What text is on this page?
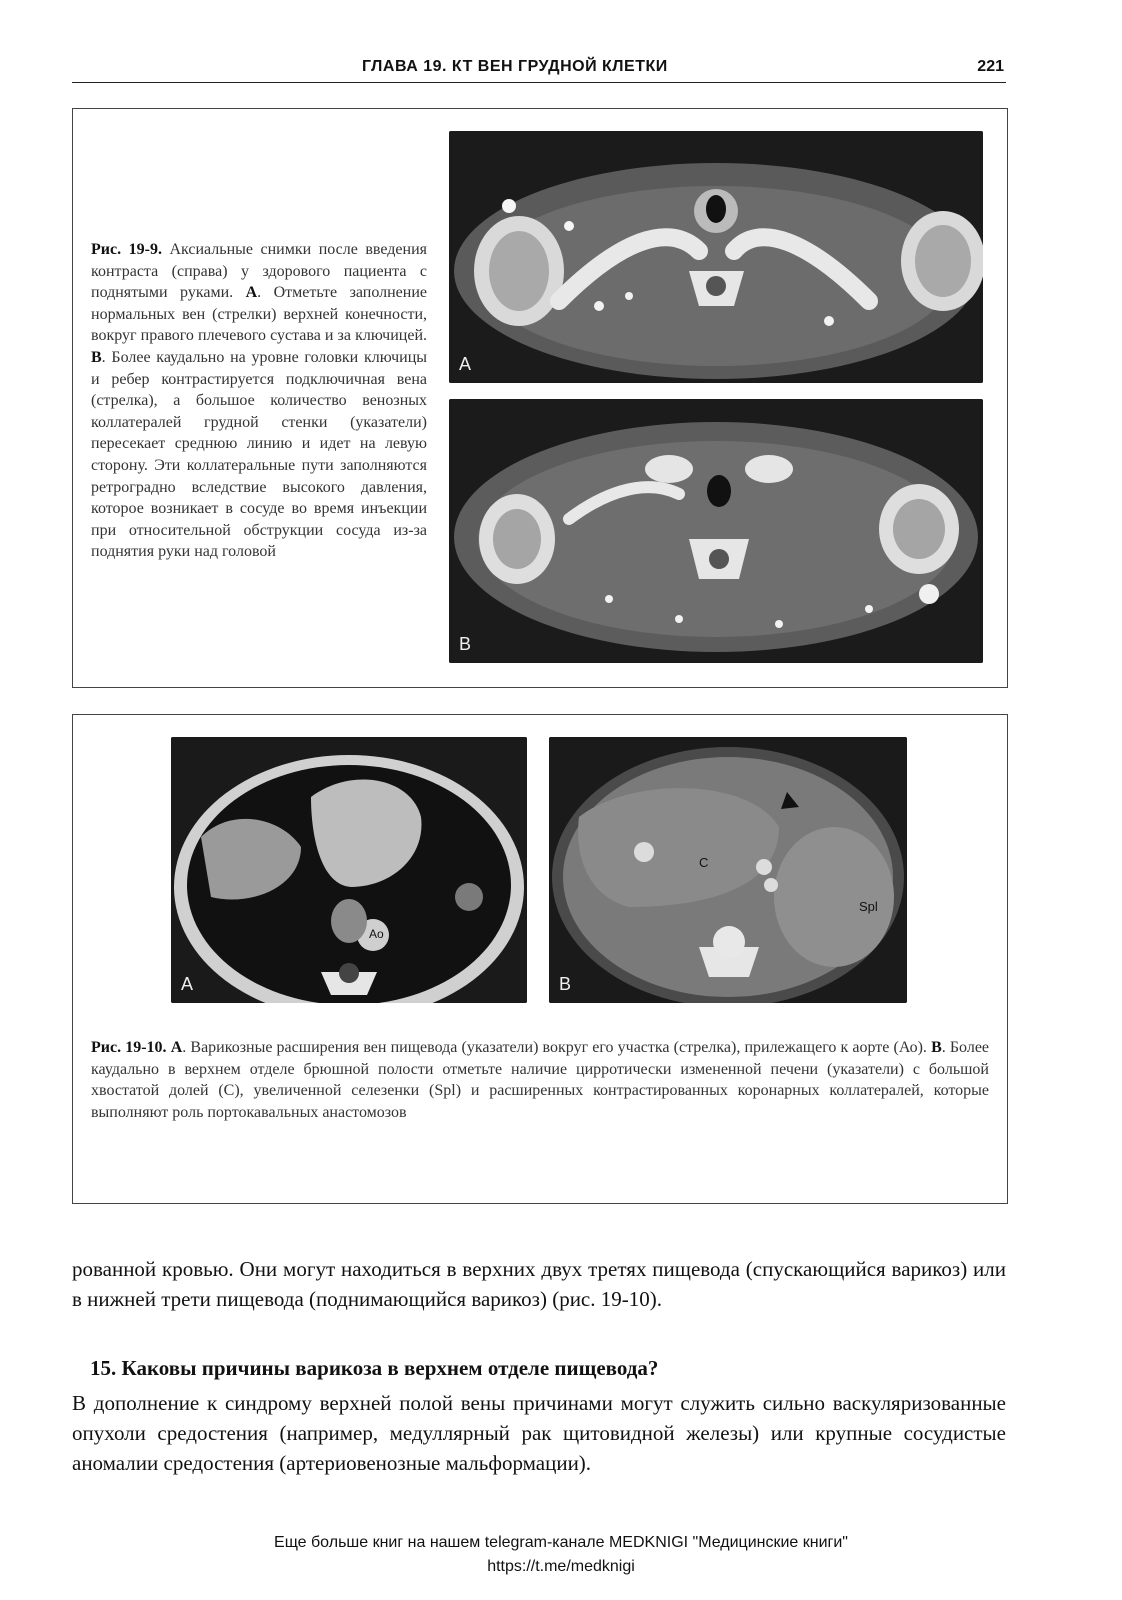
ГЛАВА 19. КТ ВЕН ГРУДНОЙ КЛЕТКИ	221
Рис. 19-9. Аксиальные снимки после введения контраста (справа) у здорового пациента с поднятыми руками. А. Отметьте заполнение нормальных вен (стрелки) верхней конечности, вокруг правого плечевого сустава и за ключицей. В. Более каудально на уровне головки ключицы и ребер контрастируется подключичная вена (стрелка), а большое количество венозных коллатералей грудной стенки (указатели) пересекает среднюю линию и идет на левую сторону. Эти коллатеральные пути заполняются ретроградно вследствие высокого давления, которое возникает в сосуде во время инъекции при относительной обструкции сосуда из-за поднятия руки над головой
A
B
A
Ao
B
C
Spl
Рис. 19-10. А. Варикозные расширения вен пищевода (указатели) вокруг его участка (стрелка), прилежащего к аорте (Ао). В. Более каудально в верхнем отделе брюшной полости отметьте наличие цирротически измененной печени (указатели) с большой хвостатой долей (С), увеличенной селезенки (Spl) и расширенных контрастированных коронарных коллатералей, которые выполняют роль портокавальных анастомозов

рованной кровью. Они могут находиться в верхних двух третях пищевода (спускающийся варикоз) или в нижней трети пищевода (поднимающийся варикоз) (рис. 19-10).

15. Каковы причины варикоза в верхнем отделе пищевода?

В дополнение к синдрому верхней полой вены причинами могут служить сильно васкуляризованные опухоли средостения (например, медуллярный рак щитовидной железы) или крупные сосудистые аномалии средостения (артериовенозные мальформации).

Еще больше книг на нашем telegram-канале MEDKNIGI "Медицинские книги"
https://t.me/medknigi
